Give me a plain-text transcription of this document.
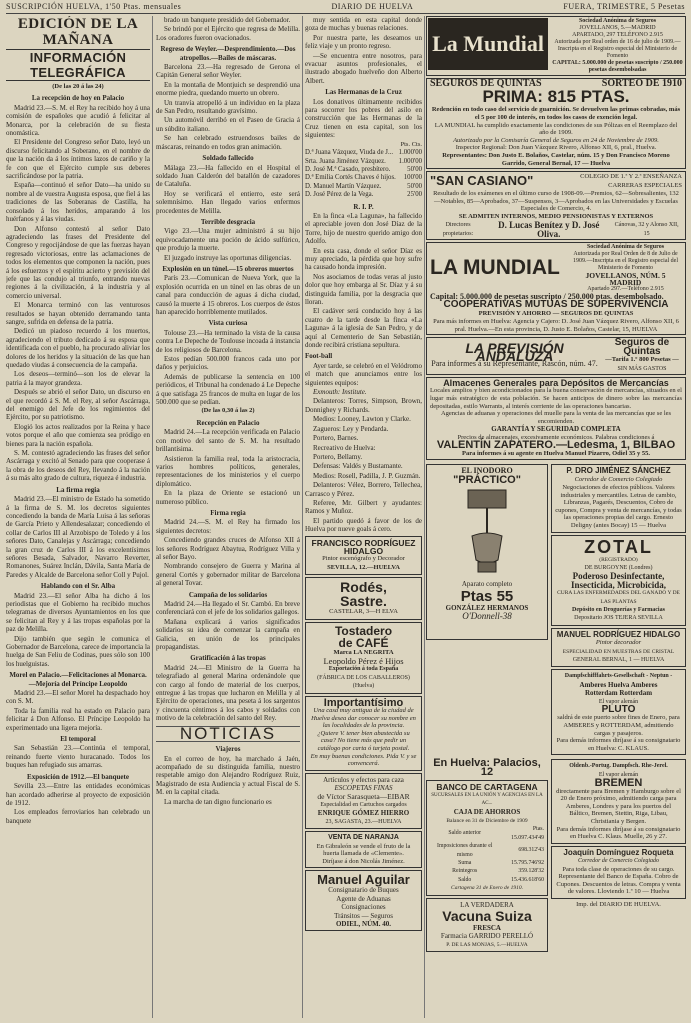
SUSCRIPCIÓN HUELVA, 1'50 Ptas. mensuales	DIARIO DE HUELVA	FUERA, TRIMESTRE, 5 Pesetas
EDICIÓN DE LA MAÑANA
INFORMACIÓN TELEGRÁFICA
(De las 20 á las 24)
La recepción de hoy en Palacio
Madrid 23.—S. M. el Rey ha recibido hoy á una comisión de españoles que acudió á felicitar al Monarca, por la celebración de su fiesta onomástica.
El Presidente del Congreso señor Dato, leyó un discurso felicitando al Soberano, en el nombre de que la nación da á los íntimos lazos de cariño y la fe con que el Ejército cumple sus deberes sacrificándose por la patria.
España—continuó el señor Dato—ha unido su nombre al de vuestra Augusta esposa, que fiel á las tradiciones de las Soberanas de Castilla, ha consolado á los heridos, amparando á los huérfanos y á las viudas.
Don Alfonso contestó al señor Dato agradeciendo las frases del Presidente del Congreso y regocijándose de que las fuerzas hayan regresado victoriosas, entre las aclamaciones de todos los elementos que componen la nación, pues á los esfuerzos y el espíritu acierto y previsión del jefe que las condujo al triunfo, entrando nuevas regiones á la civilización, á la industria y al comercio universal.
El Monarca terminó con las venturosos resultados se hayan obtenido derramando tanta sangre, sufrida en defensa de la patria.
Dedicó un piadoso recuerdo á los muertos, agradeciendo el tributo dedicado á su esposa que identificada con el pueblo, ha procurado aliviar los dolores de los heridos y la situación de las que han quedado viudas á consecuencia de la campaña.
Los deseos—terminó—son los de elevar la patria á la mayor grandeza.
Después se abrió el señor Dato, un discurso en el que recordó á S. M. el Rey, al señor Ascárraga, del enemigo del Jefe de los regimientos del Ejército, por su patriotismo.
Elogió los actos realizados por la Reina y hace votos porque el año que comienza sea pródigo en bienes para la nación española.
S. M. contestó agradeciendo las frases del señor Ascárraga y excitó al Senado para que cooperase á la obra de los deseos del Rey, llevando á la nación á su más alto grado de cultura, riqueza é industria.
La firma regia
Madrid 23.—El ministro de Estado ha sometido á la firma de S. M. los decretos siguientes concediendo la banda de María Luisa á las señoras de García Prieto y Allendesalazar; concediendo el collar de Carlos III al Arzobispo de Toledo y á los señores Dato, Canalejas y Ascárraga; concediendo la gran cruz de Carlos III á los excelentísimos señores Besada, Salvador, Navarro Reverter, Romanones, Suárez Inclán, Dávila, Santa María de Paredes y Alcalde de Barcelona señor Coll y Pujol.
Hablando con el Sr. Alba
Madrid 23.—El señor Alba ha dicho á los periodistas que el Gobierno ha recibido muchos telegramas de diversos Ayuntamientos en los que se felicitan al Rey y á las tropas españolas por la paz de Melilla.
Dijo también que según le comunica el Gobernador de Barcelona, carece de importancia la huelga de San Feliu de Codinas, pues sólo son 100 los huelguistas.
Morel en Palacio.—Felicitaciones al Monarca.—Mejoría del Príncipe Leopoldo
Madrid 23.—El señor Morel ha despachado hoy con S. M.
Toda la familia real ha estado en Palacio para felicitar á Don Alfonso. El Príncipe Leopoldo ha experimentado una ligera mejoría.
El temporal
San Sebastián 23.—Continúa el temporal, reinando fuerte viento huracanado. Todos los buques han refugiado sus amarras.
Exposición de 1912.—El banquete
Sevilla 23.—Entre las entidades económicas han acordado adherirse al proyecto de exposición de 1912.
Los empleados ferroviarios han celebrado un banquete
brado un banquete presidido del Gobernador.
Se brindó por el Ejército que regresa de Melilla. Los oradores fueron ovacionados.
Regreso de Weyler.—Desprendimiento.—Dos atropellos.—Bailes de máscaras.
Barcelona 23.—Ha regresado de Gerona el Capitán General señor Weyler.
En la montaña de Montjuich se desprendió una enorme piedra, quedando muerto un obrero.
Un tranvía atropelló á un individuo en la plaza de San Pedro, resultando gravísimo.
Un automóvil derribó en el Paseo de Gracia á un súbdito italiano.
Se han celebrado estruendosos bailes de máscaras, reinando en todos gran animación.
Soldado fallecido
Málaga 23.—Ha fallecido en el Hospital el soldado Juan Calderón del batallón de cazadores de Cataluña.
Hoy se verificará el entierro, este será solemnísimo. Han llegado varios enfermos procedentes de Melilla.
Terrible desgracia
Vigo 23.—Una mujer administró á su hijo equivocadamente una poción de ácido sulfúrico, que produjo la muerte.
El juzgado instruye las oportunas diligencias.
Explosión en un túnel.—15 obreros muertos
París 23.—Comunican de Nueva York, que la explosión ocurrida en un túnel en las obras de un canal para conducción de aguas á dicha ciudad, causó la muerte á 15 obreros. Los cuerpos de éstos han aparecido horriblemente mutilados.
Vista curiosa
Tolouse 23.—Ha terminado la vista de la causa contra Le Depeche de Toulouse incoada á instancia de los religiosos de Barcelona.
Estos pedían 500.000 francos cada uno por daños y perjuicios.
Además de publicarse la sentencia en 100 periódicos, el Tribunal ha condenado á Le Depeche á que satisfaga 25 francos de multa en lugar de los 500.000 que se pedían.
(De las 0,30 á las 2)
Recepción en Palacio
Madrid 24.—La recepción verificada en Palacio con motivo del santo de S. M. ha resultado brillantísima.
Asistieron la familia real, toda la aristocracia, varios hombres políticos, generales, representaciones de los ministerios y el cuerpo diplomático.
En la plaza de Oriente se estacionó un numeroso público.
Firma regia
Madrid 24.—S. M. el Rey ha firmado los siguientes decretos:
Concediendo grandes cruces de Alfonso XII á los señores Rodríguez Abaytua, Rodríguez Villa y al señor Bayo.
Nombrando consejero de Guerra y Marina al general Cortés y gobernador militar de Barcelona al general Tovar.
Campaña de los solidarios
Madrid 24.—Ha llegado el Sr. Cambó. En breve conferenciará con el jefe de los solidarios gallegos.
Mañana explicará á varios significados solidarios su idea de comenzar la campaña en Galicia, en unión de los principales propagandistas.
Gratificación á las tropas
Madrid 24.—El Ministro de la Guerra ha telegrafiado al general Marina ordenándole que con cargo al fondo de material de los cuerpos, entregue á las tropas que lucharon en Melilla y al Ejército de operaciones, una peseta á los sargentos y cincuenta céntimos á los cabos y soldados con motivo de la celebración del santo del Rey.
NOTICIAS
Viajeros
En el correo de hoy, ha marchado á Jaén, acompañado de su distinguida familia, nuestro respetable amigo don Alejandro Rodríguez Ruiz, Magistrado de esta Audiencia y actual Fiscal de S. M. en la capital citada.
La marcha de tan digno funcionario es
muy sentida en esta capital donde goza de muchas y buenas relaciones.
Por nuestra parte, les deseamos un feliz viaje y un pronto regreso.
—Se encuentra entre nosotros, para evacuar asuntos profesionales, el ilustrado abogado huelveño don Alberto Albert.
Las Hermanas de la Cruz
Los donativos últimamente recibidos para socorrer los pobres del asilo en construcción que las Hermanas de la Cruz tienen en esta capital, son los siguientes:
Pts. Cts.
D.ª Juana Vázquez, Viuda de J...	1.000'00
Srta. Juana Jiménez Vázquez.	1.000'00
D. José M.ª Casado, presbítero.	50'00
D.ª Emilia Cortés Chaves é hijos.	100'00
D. Manuel Martín Vázquez.	50'00
D. José Pérez de la Vega.	25'00
R. I. P.
En la finca «La Laguna», ha fallecido el apreciable joven don José Díaz de la Torre, hijo de nuestro querido amigo don Adolfo.
En esta casa, donde el señor Díaz es muy apreciado, la pérdida que hoy sufre ha causado honda impresión.
Nos asociamos de todas veras al justo dolor que hoy embarga al Sr. Díaz y á su distinguida familia, por la desgracia que lloran.
El cadáver será conducido hoy á las cuatro de la tarde desde la finca «La Laguna» á la iglesia de San Pedro, y de aquí al Cementerio de San Sebastián, donde recibirá cristiana sepultura.
Foot-ball
Ayer tarde, se celebró en el Velódromo el match que anunciamos entre los siguientes equipos:
Exmouth: Institute.
Delanteros: Torres, Simpson, Brown, Donnighey y Richards.
Medios: Looney, Lawton y Clarke.
Zagueros: Ley y Pendarda.
Portero, Barnes.
Recreativo de Huelva:
Portero, Bellamy.
Defensas: Valdés y Bustamante.
Medios: Rosell, Padilla, J. P. Guzmán.
Delanteros: Vélez, Borrero, Tellechea, Carrasco y Pérez.
Referee, Mr. Gilbert y ayudantes: Ramos y Muñoz.
El partido quedó á favor de los de Huelva por nueve goals á cero.
FRANCISCO RODRÍGUEZ HIDALGO
Pintor escenógrafo y Decorador
SEVILLA, 12.—HUELVA
Rodés,
Sastre.
CASTELAR, 3—H ELVA
Tostadero
de CAFÉ
Marca LA NEGRITA
Leopoldo Pérez é Hijos
Exportación á toda España
(FÁBRICA DE LOS CABALLEROS) (Huelva)
Importantísimo
Una casa muy antigua de la ciudad de Huelva desea dar conocer su nombre en las localidades de la provincia.
¿Quiere V. tener bien abastecida su casa? No tiene más que pedir un catálogo por carta ó tarjeta postal.
En muy buenas condiciones. Pida V. y se convencerá.
Artículos y efectos para caza
ESCOPETAS FINAS
de Víctor Sarasqueta—EIBAR
Especialidad en Cartuchos cargados
ENRIQUE GÓMEZ HIERRO
23, SAGASTA, 23.—HUELVA
VENTA DE NARANJA
En Gibraleón se vende el fruto de la huerta llamada de «Clemente».
Diríjase á don Nicolás Jiménez.
Manuel Aguilar
Consignatario de Buques
Agente de Aduanas
Consignaciones
Tránsitos — Seguros
ODIEL, NÚM. 40.
La Mundial
Sociedad Anónima de Seguros
JOVELLANOS, 5.—MADRID
APARTADO, 297 TELÉFONO 2.915
Autorizada por Real orden de 16 de julio de 1909.—Inscripta en el Registro especial del Ministerio de Fomento
CAPITAL: 5.000.000 de pesetas suscripto / 250.000 pesetas desembolsadas
SEGUROS DE QUINTAS	SORTEO DE 1910
PRIMA: 815 PTAS.
Redención en todo caso del servicio de guarnición. Se devuelven las primas cobradas, más el 5 por 100 de interés, en todos los casos de exención legal.
LA MUNDIAL ha cumplido exactamente las condiciones de sus Pólizas en el Reemplazo del año de 1909.
Autorizado por la Comisaría General de Seguros en 24 de Noviembre de 1909.
Inspector Regional: Don Juan Vázquez Rivero, Alfonso XII, 6, pral., Huelva.
Representantes: Don Justo E. Bolaños, Castelar, núm. 15 y Don Francisco Moreno Garrido, General Bernal, 17 — Huelva
"SAN CASIANO"	COLEGIO DE 1.ª Y 2.ª ENSEÑANZA
CARRERAS ESPECIALES
Resultado de los exámenes en el último curso de 1908-09.—Premios, 62—Sobresalientes, 132—Notables, 85—Aprobados, 37—Suspensos, 3—Aprobados en las Universidades y Escuelas Especiales de Comercio, 4.
SE ADMITEN INTERNOS, MEDIO PENSIONISTAS Y EXTERNOS
Directores propietarios:
D. Lucas Benítez y D. José Oliva.
Cánovas, 32 y Alonso XII, 15
LA MUNDIAL
Sociedad Anónima de Seguros
Autorizada por Real Orden de 8 de Julio de 1909.—Inscripta en el Registro especial del Ministerio de Fomento
JOVELLANOS, NÚM. 5 MADRID
Apartado 297.—Teléfono 2.915
Capital: 5.000.000 de pesetas suscripto / 250.000 ptas. desembolsado.
COOPERATIVAS MUTUAS DE SUPERVIVENCIA
PREVISIÓN Y AHORRO — SEGUROS DE QUINTAS
Para más informes en Huelva: Agencia y Cajero: D. José Juan Vázquez Rivero, Alfonso XII, 6 pral. Huelva.—En esta provincia, D. Justo E. Bolaños, Castelar, 15, HUELVA
LA PREVISIÓN ANDALUZA
Para informes á su Representante, Rascón, núm. 47.
Seguros de Quintas
—Tarifa 1.º 800 Pesetas —
SIN MÁS GASTOS
Almacenes Generales para Depósitos de Mercancías
Locales amplios y bien acondicionados para la buena conservación de mercancías, situados en el lugar más estratégico de esta población. Se hacen anticipos de dinero sobre las mercancías depositadas, estilo Warrants, al interés corriente de las operaciones bancarias.
Agencias de aduanas y operaciones del muelle para la venta de las mercancías que se les encomienden.
GARANTÍA Y SEGURIDAD COMPLETA
Precios de almacenajes, excesivamente económicos. Palabras condiciones á
VALENTÍN ZAPATERO.—Ledesma, 1, BILBAO
Para informes á su agente en Huelva Manuel Pizarro, Odiel 35 y 55.
EL INODORO
"PRÁCTICO"
Aparato completo
Ptas 55
GONZÁLEZ HERMANOS
O'Donnell-38
P. DRO JIMÉNEZ SÁNCHEZ
Corredor de Comercio Colegiado
Negociaciones de efectos públicos. Valores industriales y mercantiles. Letras de cambio, Libranzas, Pagarés, Descuentos, Cobro de cupones, Compra y venta de mercancías, y todas las operaciones propias del cargo. Ernesto Deligny (antes Bocay) 15 — Huelva
ZOTAL
(REGISTRADO)
DE BURGOYNE (Londres)
Poderoso Desinfectante,
Insecticida, Microbicida,
CURA LAS ENFERMEDADES DEL GANADO Y DE LAS PLANTAS
Depósito en Droguerías y Farmacias
Depositario JOS TEJERA SEVILLA
MANUEL RODRÍGUEZ HIDALGO
Pintor decorador
ESPECIALIDAD EN MUESTRAS DE CRISTAL
GENERAL BERNAL, 1 — HUELVA
Dampfschifffahrts-Gesellschaft - Neptun -
Amberes Huelva Amberes
Rotterdam Rotterdam
El vapor alemán
PLUTO
saldrá de este puerto sobre fines de Enero, para AMBERES y ROTTERDAM, admitiendo cargas y pasajeros.
Para demás informes diríjase á su consignatario en Huelva: C. KLAUS.
En Huelva: Palacios, 12
BANCO DE CARTAGENA
SUCURSALES EN LA UNIÓN Y AGENCIAS EN LA AC...
CAJA DE AHORROS
Balance en 31 de Diciembre de 1909
Saldo anterior	Ptas. 15.097.434'49
Imposiciones durante el mismo	698.312'43
Suma	15.795.746'92
Reintegros	359.128'32
Saldo	15.436.618'60
Cartagena 31 de Enero de 1910.
LA VERDADERA
Vacuna Suiza
FRESCA
Farmacia GARRIDO PERELLÓ
P. DE LAS MONJAS, 5.—HUELVA
Oldenb.-Portug. Dampfsch. Rhe-Jerel.
El vapor alemán
BREMEN
directamente para Bremen y Hamburgo sobre el 20 de Enero próximo, admitiendo carga para Amberes, Londres y para los puertos del Báltico, Bremen, Stettin, Riga, Libau, Christiania y Bergen.
Para demás informes diríjase á su consignatario en Huelva C. Klaus. Muelle, 26 y 27.
Joaquín Domínguez Roqueta
Corredor de Comercio Colegiado
Para toda clase de operaciones de su cargo. Representante del Banco de España. Cobro de Cupones. Descuentos de letras. Compra y venta de valores. Lloviendo 1.ª 10 — Huelva
Imp. del DIARIO DE HUELVA.
